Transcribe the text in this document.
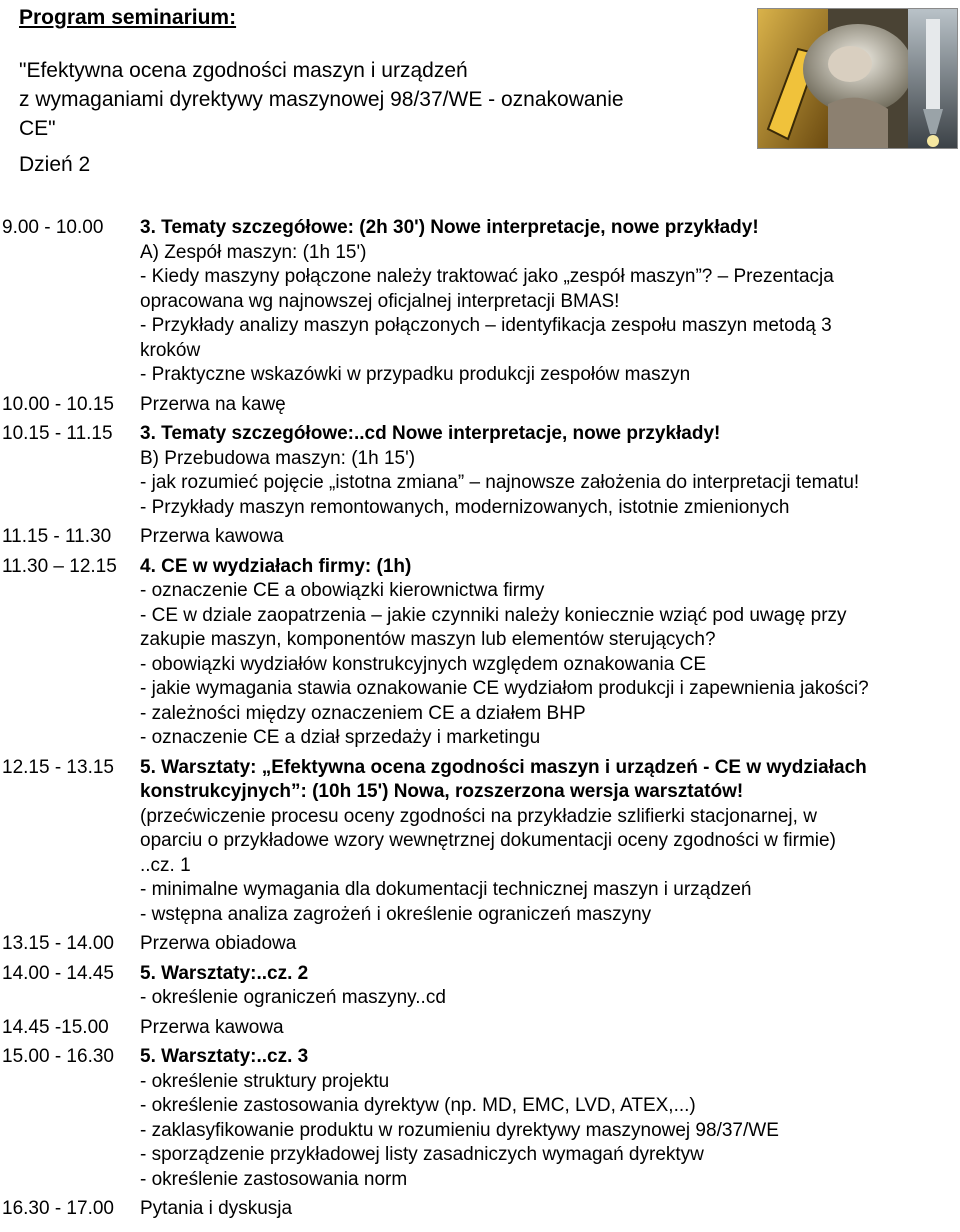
Program seminarium:
"Efektywna ocena zgodności maszyn i urządzeń
z wymaganiami dyrektywy maszynowej 98/37/WE - oznakowanie
CE"
Dzień 2
9.00 - 10.00 3. Tematy szczegółowe: (2h 30') Nowe interpretacje, nowe przykłady!
A) Zespół maszyn: (1h 15')
- Kiedy maszyny połączone należy traktować jako „zespół maszyn”? – Prezentacja
opracowana wg najnowszej oficjalnej interpretacji BMAS!
- Przykłady analizy maszyn połączonych – identyfikacja zespołu maszyn metodą 3
kroków
- Praktyczne wskazówki w przypadku produkcji zespołów maszyn
10.00 - 10.15 Przerwa na kawę
10.15 - 11.15 3. Tematy szczegółowe:..cd Nowe interpretacje, nowe przykłady!
B) Przebudowa maszyn: (1h 15')
- jak rozumieć pojęcie „istotna zmiana” – najnowsze założenia do interpretacji tematu!
- Przykłady maszyn remontowanych, modernizowanych, istotnie zmienionych
11.15 - 11.30 Przerwa kawowa
11.30 – 12.15 4. CE w wydziałach firmy: (1h)
- oznaczenie CE a obowiązki kierownictwa firmy
- CE w dziale zaopatrzenia – jakie czynniki należy koniecznie wziąć pod uwagę przy
zakupie maszyn, komponentów maszyn lub elementów sterujących?
- obowiązki wydziałów konstrukcyjnych względem oznakowania CE
- jakie wymagania stawia oznakowanie CE wydziałom produkcji i zapewnienia jakości?
- zależności między oznaczeniem CE a działem BHP
- oznaczenie CE a dział sprzedaży i marketingu
12.15 - 13.15 5. Warsztaty: „Efektywna ocena zgodności maszyn i urządzeń - CE w wydziałach
konstrukcyjnych”: (10h 15') Nowa, rozszerzona wersja warsztatów!
(przećwiczenie procesu oceny zgodności na przykładzie szlifierki stacjonarnej, w
oparciu o przykładowe wzory wewnętrznej dokumentacji oceny zgodności w firmie)
..cz. 1
- minimalne wymagania dla dokumentacji technicznej maszyn i urządzeń
- wstępna analiza zagrożeń i określenie ograniczeń maszyny
13.15 - 14.00 Przerwa obiadowa
14.00 - 14.45 5. Warsztaty:..cz. 2
- określenie ograniczeń maszyny..cd
14.45 -15.00 Przerwa kawowa
15.00 - 16.30 5. Warsztaty:..cz. 3
- określenie struktury projektu
- określenie zastosowania dyrektyw (np. MD, EMC, LVD, ATEX,...)
- zaklasyfikowanie produktu w rozumieniu dyrektywy maszynowej 98/37/WE
- sporządzenie przykładowej listy zasadniczych wymagań dyrektyw
- określenie zastosowania norm
16.30 - 17.00 Pytania i dyskusja
